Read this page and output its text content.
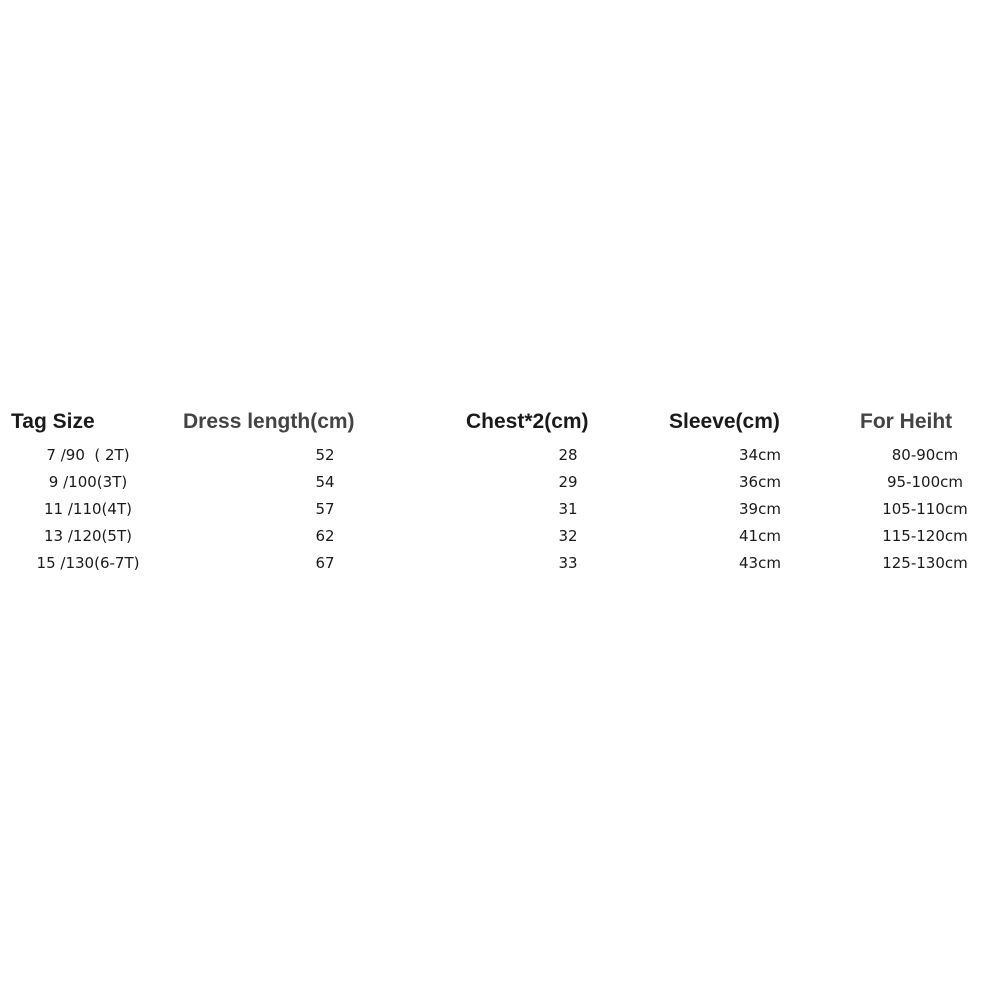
Tag Size	Dress length(cm)	Chest*2(cm)	Sleeve(cm)	For Heiht
7 /90  ( 2T)	52	28	34cm	80-90cm
9 /100(3T)	54	29	36cm	95-100cm
11 /110(4T)	57	31	39cm	105-110cm
13 /120(5T)	62	32	41cm	115-120cm
15 /130(6-7T)	67	33	43cm	125-130cm
